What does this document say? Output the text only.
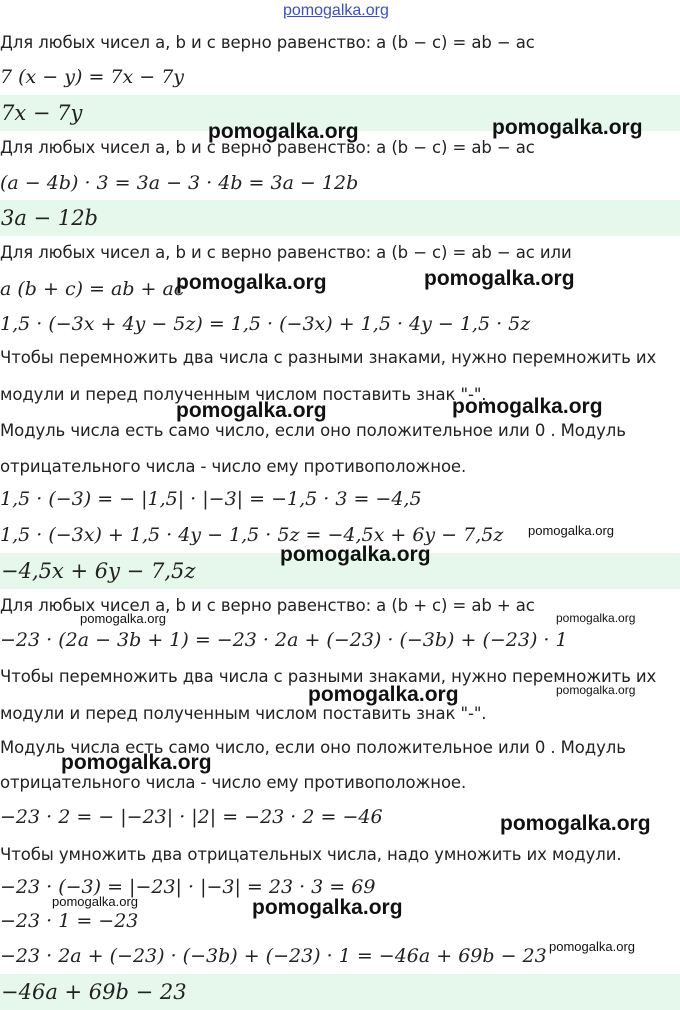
pomogalka.org
Для любых чисел a, b и c верно равенство: a (b − c) = ab − ac
7 (x − y) = 7x − 7y
7x − 7y
Для любых чисел a, b и c верно равенство: a (b − c) = ab − ac
(a − 4b) · 3 = 3a − 3 · 4b = 3a − 12b
3a − 12b
Для любых чисел a, b и c верно равенство: a (b − c) = ab − ac или
a (b + c) = ab + ac
1,5 · (−3x + 4y − 5z) = 1,5 · (−3x) + 1,5 · 4y − 1,5 · 5z
Чтобы перемножить два числа с разными знаками, нужно перемножить их
модули и перед полученным числом поставить знак "-".
Модуль числа есть само число, если оно положительное или 0 . Модуль
отрицательного числа - число ему противоположное.
1,5 · (−3) = − |1,5| · |−3| = −1,5 · 3 = −4,5
1,5 · (−3x) + 1,5 · 4y − 1,5 · 5z = −4,5x + 6y − 7,5z
−4,5x + 6y − 7,5z
Для любых чисел a, b и c верно равенство: a (b + c) = ab + ac
−23 · (2a − 3b + 1) = −23 · 2a + (−23) · (−3b) + (−23) · 1
Чтобы перемножить два числа с разными знаками, нужно перемножить их
модули и перед полученным числом поставить знак "-".
Модуль числа есть само число, если оно положительное или 0 . Модуль
отрицательного числа - число ему противоположное.
−23 · 2 = − |−23| · |2| = −23 · 2 = −46
Чтобы умножить два отрицательных числа, надо умножить их модули.
−23 · (−3) = |−23| · |−3| = 23 · 3 = 69
−23 · 1 = −23
−23 · 2a + (−23) · (−3b) + (−23) · 1 = −46a + 69b − 23
−46a + 69b − 23
pomogalka.org	pomogalka.org
pomogalka.org	pomogalka.org
pomogalka.org	pomogalka.org
pomogalka.org
pomogalka.org
pomogalka.org	pomogalka.org
pomogalka.org
pomogalka.org
pomogalka.org
pomogalka.org
pomogalka.org	pomogalka.org
pomogalka.org
